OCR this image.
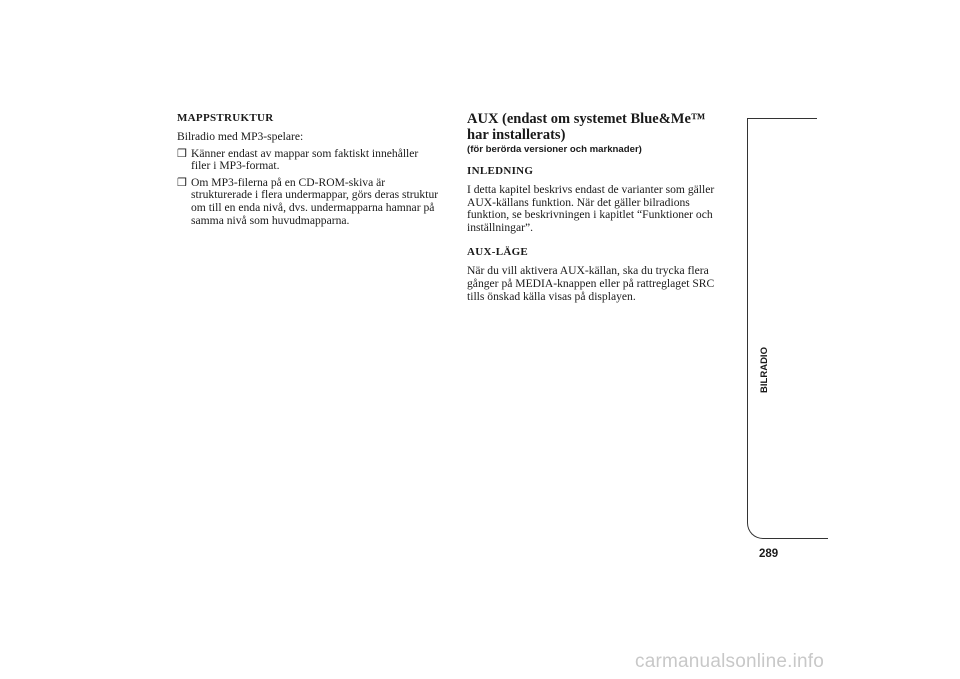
MAPPSTRUKTUR

Bilradio med MP3-spelare:

❒ Känner endast av mappar som faktiskt innehåller filer i MP3-format.
❒ Om MP3-filerna på en CD-ROM-skiva är strukturerade i flera undermappar, görs deras struktur om till en enda nivå, dvs. undermapparna hamnar på samma nivå som huvudmapparna.
AUX (endast om systemet Blue&Me™
har installerats)
(för berörda versioner och marknader)
INLEDNING

I detta kapitel beskrivs endast de varianter som gäller AUX-källans funktion. När det gäller bilradions funktion, se beskrivningen i kapitlet “Funktioner och inställningar”.

AUX-LÄGE

När du vill aktivera AUX-källan, ska du trycka flera gånger på MEDIA-knappen eller på rattreglaget SRC tills önskad källa visas på displayen.

BILRADIO
289
carmanualsonline.info
